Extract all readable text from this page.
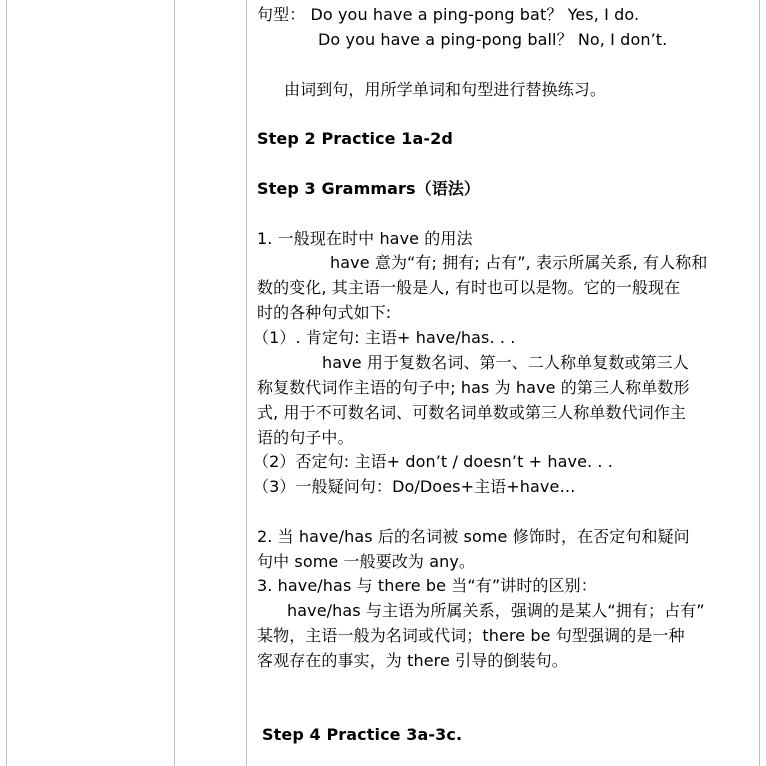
句型： Do you have a ping-pong bat？ Yes, I do.
Do you have a ping-pong ball？ No, I don’t.
由词到句，用所学单词和句型进行替换练习。
Step 2 Practice 1a-2d
Step 3 Grammars（语法）
1. 一般现在时中 have 的用法
have 意为“有; 拥有; 占有”, 表示所属关系, 有人称和
数的变化, 其主语一般是人, 有时也可以是物。它的一般现在
时的各种句式如下:
（1）. 肯定句: 主语+ have/has. . .
have 用于复数名词、第一、二人称单复数或第三人
称复数代词作主语的句子中; has 为 have 的第三人称单数形
式, 用于不可数名词、可数名词单数或第三人称单数代词作主
语的句子中。
（2）否定句: 主语+ don’t / doesn’t + have. . .
（3）一般疑问句：Do/Does+主语+have…
2. 当 have/has 后的名词被 some 修饰时，在否定句和疑问
句中 some 一般要改为 any。
3. have/has 与 there be 当“有”讲时的区别：
have/has 与主语为所属关系，强调的是某人“拥有；占有”
某物，主语一般为名词或代词；there be 句型强调的是一种
客观存在的事实，为 there 引导的倒装句。
Step 4 Practice 3a-3c.
